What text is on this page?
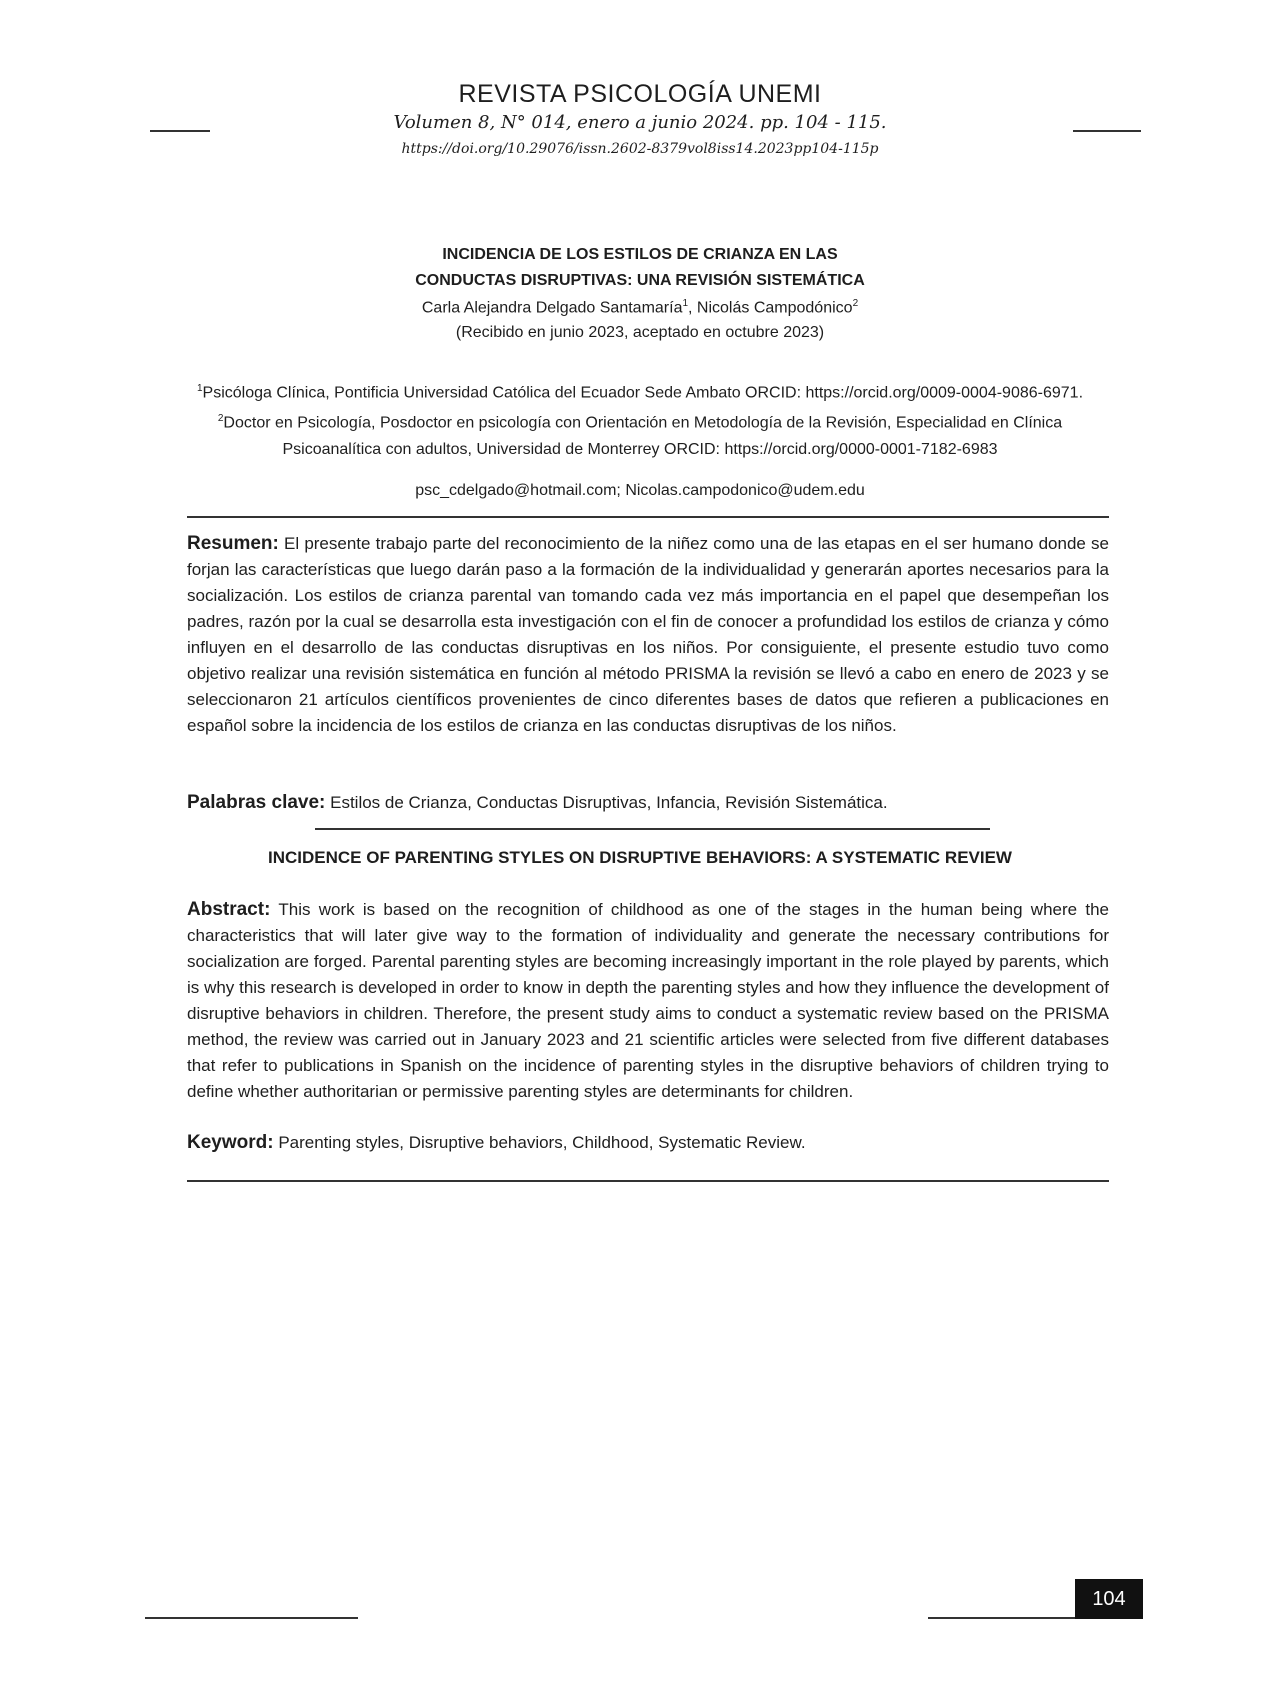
REVISTA PSICOLOGÍA UNEMI
Volumen 8, N° 014, enero a junio 2024. pp. 104 - 115.
https://doi.org/10.29076/issn.2602-8379vol8iss14.2023pp104-115p
INCIDENCIA DE LOS ESTILOS DE CRIANZA EN LAS
CONDUCTAS DISRUPTIVAS: UNA REVISIÓN SISTEMÁTICA
Carla Alejandra Delgado Santamaría$^1$, Nicolás Campodónico$^2$
(Recibido en junio 2023, aceptado en octubre 2023)
$^1$Psicóloga Clínica, Pontificia Universidad Católica del Ecuador Sede Ambato ORCID: https://orcid.org/0009-0004-9086-6971. $^2$Doctor en Psicología, Posdoctor en psicología con Orientación en Metodología de la Revisión, Especialidad en Clínica Psicoanalítica con adultos, Universidad de Monterrey ORCID: https://orcid.org/0000-0001-7182-6983
psc_cdelgado@hotmail.com; Nicolas.campodonico@udem.edu
Resumen: El presente trabajo parte del reconocimiento de la niñez como una de las etapas en el ser humano donde se forjan las características que luego darán paso a la formación de la individualidad y generarán aportes necesarios para la socialización. Los estilos de crianza parental van tomando cada vez más importancia en el papel que desempeñan los padres, razón por la cual se desarrolla esta investigación con el fin de conocer a profundidad los estilos de crianza y cómo influyen en el desarrollo de las conductas disruptivas en los niños. Por consiguiente, el presente estudio tuvo como objetivo realizar una revisión sistemática en función al método PRISMA la revisión se llevó a cabo en enero de 2023 y se seleccionaron 21 artículos científicos provenientes de cinco diferentes bases de datos que refieren a publicaciones en español sobre la incidencia de los estilos de crianza en las conductas disruptivas de los niños.
Palabras clave: Estilos de Crianza, Conductas Disruptivas, Infancia, Revisión Sistemática.
INCIDENCE OF PARENTING STYLES ON DISRUPTIVE BEHAVIORS: A SYSTEMATIC REVIEW
Abstract: This work is based on the recognition of childhood as one of the stages in the human being where the characteristics that will later give way to the formation of individuality and generate the necessary contributions for socialization are forged. Parental parenting styles are becoming increasingly important in the role played by parents, which is why this research is developed in order to know in depth the parenting styles and how they influence the development of disruptive behaviors in children. Therefore, the present study aims to conduct a systematic review based on the PRISMA method, the review was carried out in January 2023 and 21 scientific articles were selected from five different databases that refer to publications in Spanish on the incidence of parenting styles in the disruptive behaviors of children trying to define whether authoritarian or permissive parenting styles are determinants for children.
Keyword: Parenting styles, Disruptive behaviors, Childhood, Systematic Review.
104
